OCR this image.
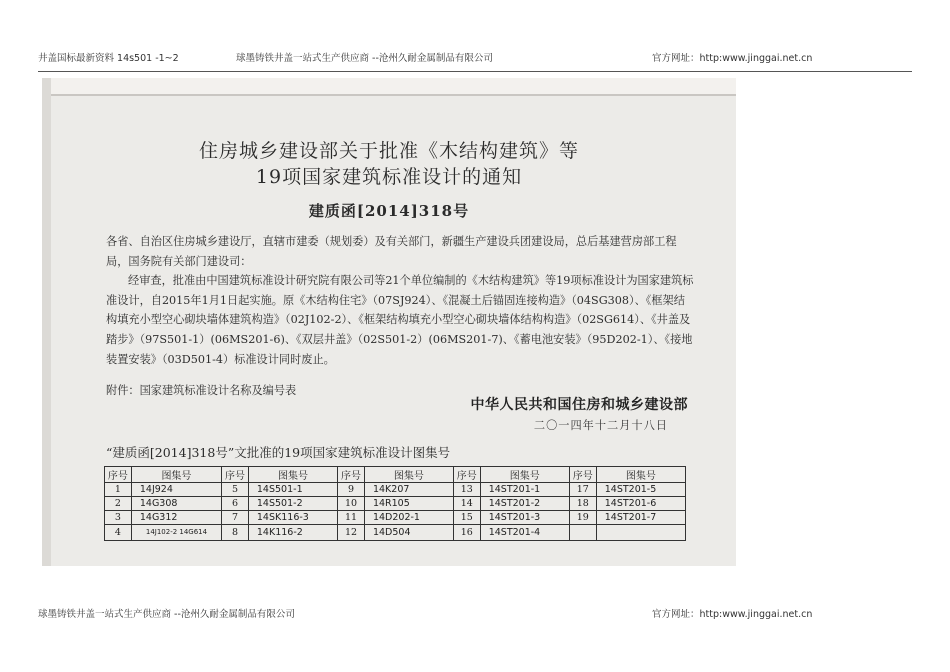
井盖国标最新资料 14s501 -1~2	球墨铸铁井盖一站式生产供应商 --沧州久耐金属制品有限公司	官方网址：http:www.jinggai.net.cn
住房城乡建设部关于批准《木结构建筑》等
19项国家建筑标准设计的通知
建质函[2014]318号

各省、自治区住房城乡建设厅，直辖市建委（规划委）及有关部门，新疆生产建设兵团建设局，总后基建营房部工程局，国务院有关部门建设司：

经审查，批准由中国建筑标准设计研究院有限公司等21个单位编制的《木结构建筑》等19项标准设计为国家建筑标准设计，自2015年1月1日起实施。原《木结构住宅》（07SJ924）、《混凝土后锚固连接构造》（04SG308）、《框架结构填充小型空心砌块墙体建筑构造》（02J102-2）、《框架结构填充小型空心砌块墙体结构构造》（02SG614）、《井盖及踏步》（97S501-1）(06MS201-6)、《双层井盖》（02S501-2）(06MS201-7)、《蓄电池安装》（95D202-1）、《接地装置安装》（03D501-4）标准设计同时废止。

附件：国家建筑标准设计名称及编号表
中华人民共和国住房和城乡建设部
二〇一四年十二月十八日
“建质函[2014]318号”文批准的19项国家建筑标准设计图集号
序号	图集号	序号	图集号	序号	图集号	序号	图集号	序号	图集号
1	14J924	5	14S501-1	9	14K207	13	14ST201-1	17	14ST201-5
2	14G308	6	14S501-2	10	14R105	14	14ST201-2	18	14ST201-6
3	14G312	7	14SK116-3	11	14D202-1	15	14ST201-3	19	14ST201-7
4	14J102-2 14G614	8	14K116-2	12	14D504	16	14ST201-4		
球墨铸铁井盖一站式生产供应商 --沧州久耐金属制品有限公司	官方网址：http:www.jinggai.net.cn
